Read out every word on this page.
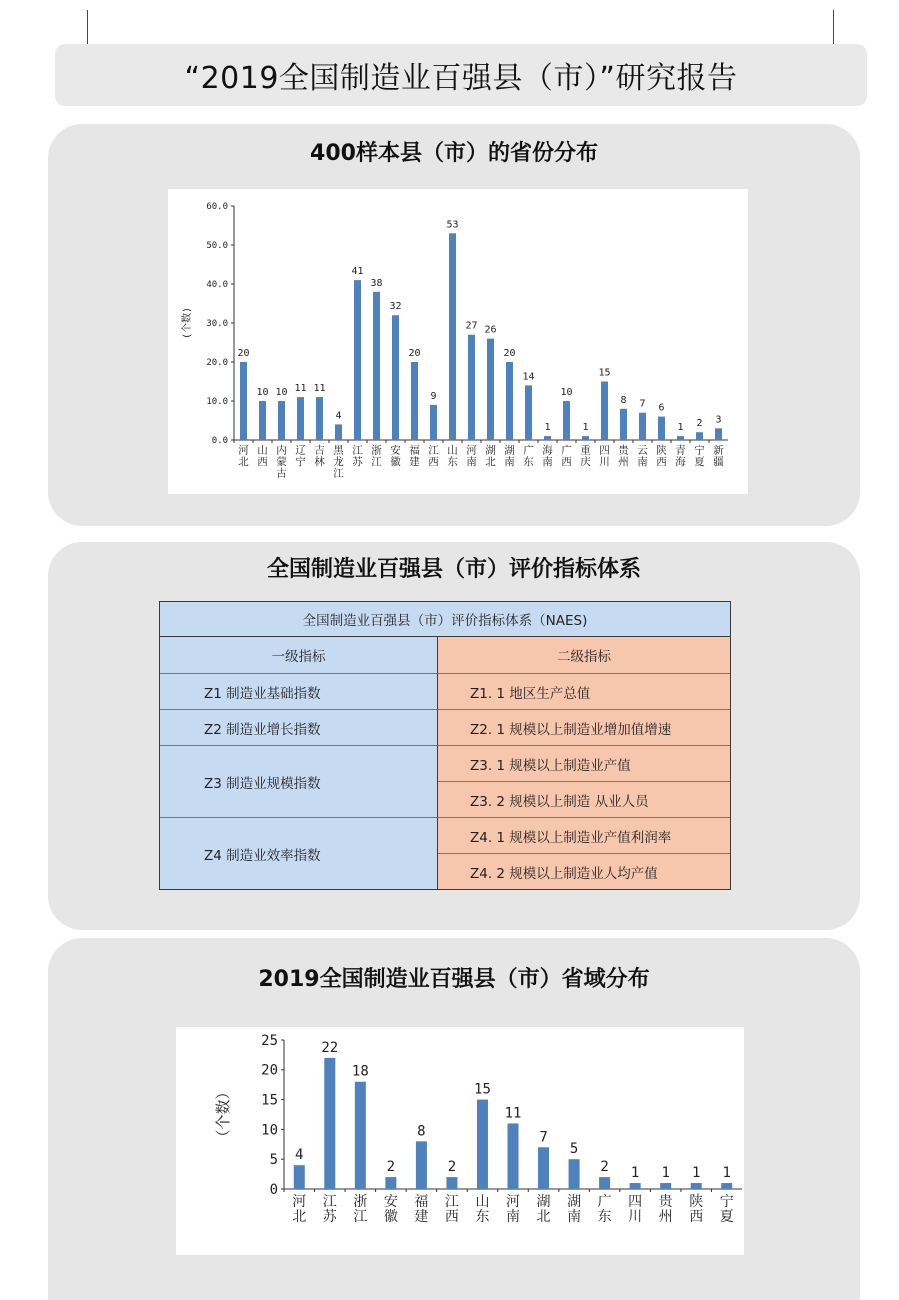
“2019全国制造业百强县（市）”研究报告
400样本县（市）的省份分布
0.0
10.0
20.0
30.0
40.0
50.0
60.0
(个数)
20
河北
10
山西
10
内蒙古
11
辽宁
11
吉林
4
黑龙江
41
江苏
38
浙江
32
安徽
20
福建
9
江西
53
山东
27
河南
26
湖北
20
湖南
14
广东
1
海南
10
广西
1
重庆
15
四川
8
贵州
7
云南
6
陕西
1
青海
2
宁夏
3
新疆
全国制造业百强县（市）评价指标体系
全国制造业百强县（市）评价指标体系（NAES)
一级指标	二级指标
Z1 制造业基础指数	Z1. 1 地区生产总值
Z2 制造业增长指数	Z2. 1 规模以上制造业增加值增速
Z3 制造业规模指数
Z3. 1 规模以上制造业产值
Z3. 2 规模以上制造 从业人员
Z4 制造业效率指数
Z4. 1 规模以上制造业产值利润率
Z4. 2 规模以上制造业人均产值
2019全国制造业百强县（市）省域分布
0
5
10
15
20
25
（个数）
4
河北
22
江苏
18
浙江
2
安徽
8
福建
2
江西
15
山东
11
河南
7
湖北
5
湖南
2
广东
1
四川
1
贵州
1
陕西
1
宁夏
